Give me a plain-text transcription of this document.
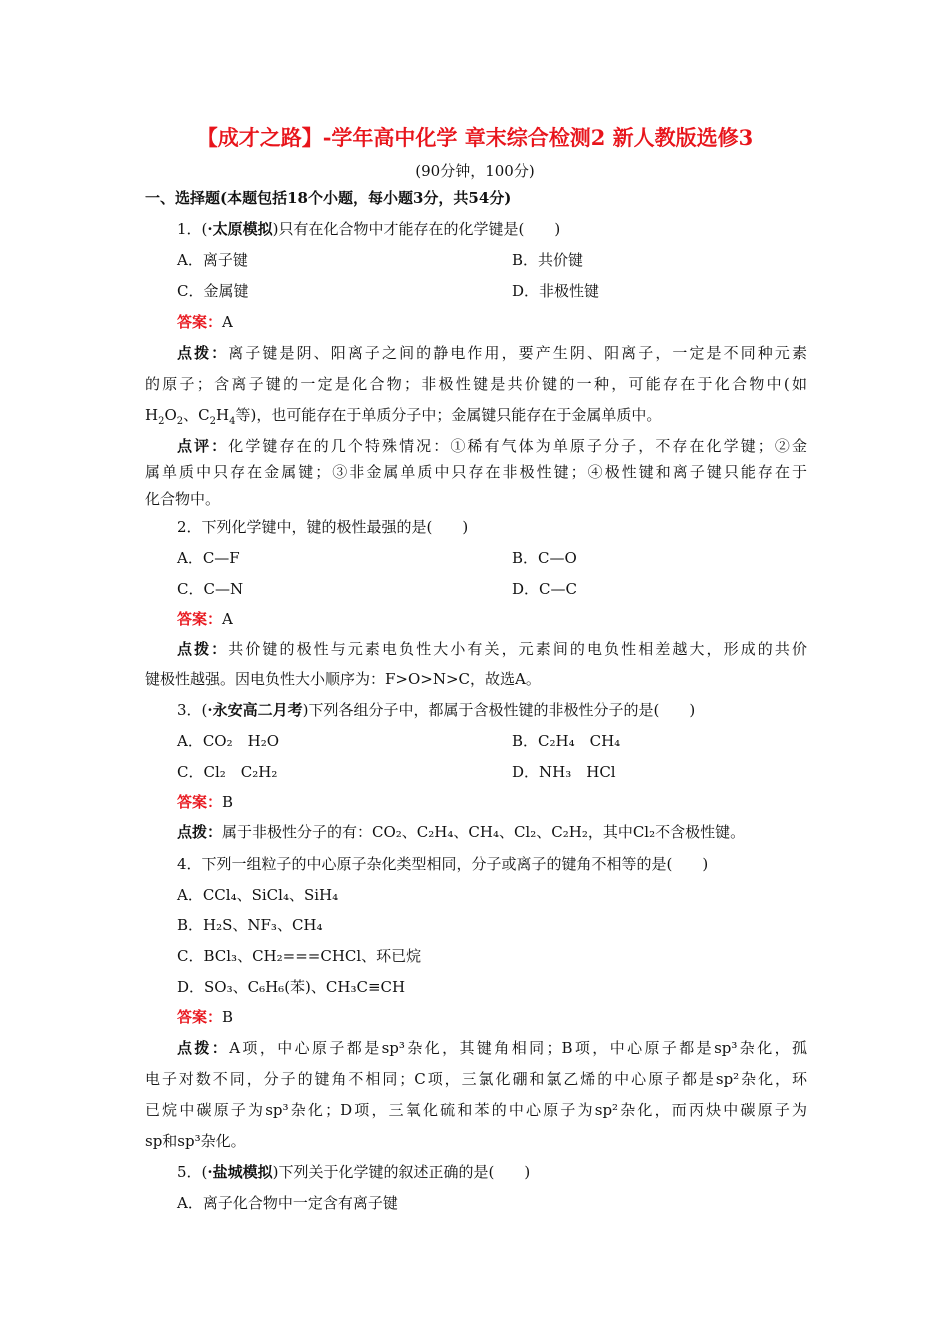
【成才之路】-学年高中化学 章末综合检测2 新人教版选修3
(90分钟，100分)
一、选择题(本题包括18个小题，每小题3分，共54分)
1．(·太原模拟)只有在化合物中才能存在的化学键是(　　)
A．离子键	B．共价键
C．金属键	D．非极性键
答案：A
点拨：离子键是阴、阳离子之间的静电作用，要产生阴、阳离子，一定是不同种元素
的原子；含离子键的一定是化合物；非极性键是共价键的一种，可能存在于化合物中(如
$H_2O_2$、$C_2H_4$等)，也可能存在于单质分子中；金属键只能存在于金属单质中。
点评：化学键存在的几个特殊情况：①稀有气体为单原子分子，不存在化学键；②金
属单质中只存在金属键；③非金属单质中只存在非极性键；④极性键和离子键只能存在于
化合物中。
2．下列化学键中，键的极性最强的是(　　)
A．C—F	B．C—O
C．C—N	D．C—C
答案：A
点拨：共价键的极性与元素电负性大小有关，元素间的电负性相差越大，形成的共价
键极性越强。因电负性大小顺序为：F>O>N>C，故选A。
3．(·永安高二月考)下列各组分子中，都属于含极性键的非极性分子的是(　　)
A．CO₂　H₂O	B．C₂H₄　CH₄
C．Cl₂　C₂H₂	D．NH₃　HCl
答案：B
点拨：属于非极性分子的有：CO₂、C₂H₄、CH₄、Cl₂、C₂H₂，其中Cl₂不含极性键。
4．下列一组粒子的中心原子杂化类型相同，分子或离子的键角不相等的是(　　)
A．CCl₄、SiCl₄、SiH₄
B．H₂S、NF₃、CH₄
C．BCl₃、CH₂===CHCl、环已烷
D．SO₃、C₆H₆(苯)、CH₃C≡CH
答案：B
点拨：A项，中心原子都是sp³杂化，其键角相同；B项，中心原子都是sp³杂化，孤
电子对数不同，分子的键角不相同；C项，三氯化硼和氯乙烯的中心原子都是sp²杂化，环
已烷中碳原子为sp³杂化；D项，三氧化硫和苯的中心原子为sp²杂化，而丙炔中碳原子为
sp和sp³杂化。
5．(·盐城模拟)下列关于化学键的叙述正确的是(　　)
A．离子化合物中一定含有离子键
